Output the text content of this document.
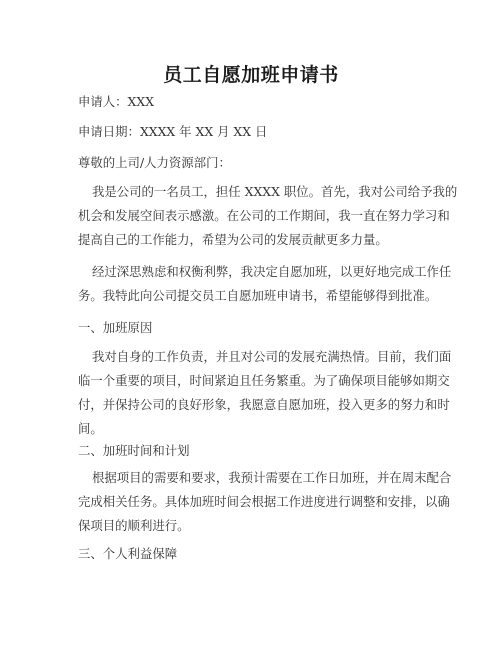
员工自愿加班申请书
申请人：XXX
申请日期：XXXX 年 XX 月 XX 日
尊敬的上司/人力资源部门：
我是公司的一名员工，担任 XXXX 职位。首先，我对公司给予我的
机会和发展空间表示感激。在公司的工作期间，我一直在努力学习和
提高自己的工作能力，希望为公司的发展贡献更多力量。
经过深思熟虑和权衡利弊，我决定自愿加班，以更好地完成工作任
务。我特此向公司提交员工自愿加班申请书，希望能够得到批准。
一、加班原因
我对自身的工作负责，并且对公司的发展充满热情。目前，我们面
临一个重要的项目，时间紧迫且任务繁重。为了确保项目能够如期交
付，并保持公司的良好形象，我愿意自愿加班，投入更多的努力和时
间。
二、加班时间和计划
根据项目的需要和要求，我预计需要在工作日加班，并在周末配合
完成相关任务。具体加班时间会根据工作进度进行调整和安排，以确
保项目的顺利进行。
三、个人利益保障
